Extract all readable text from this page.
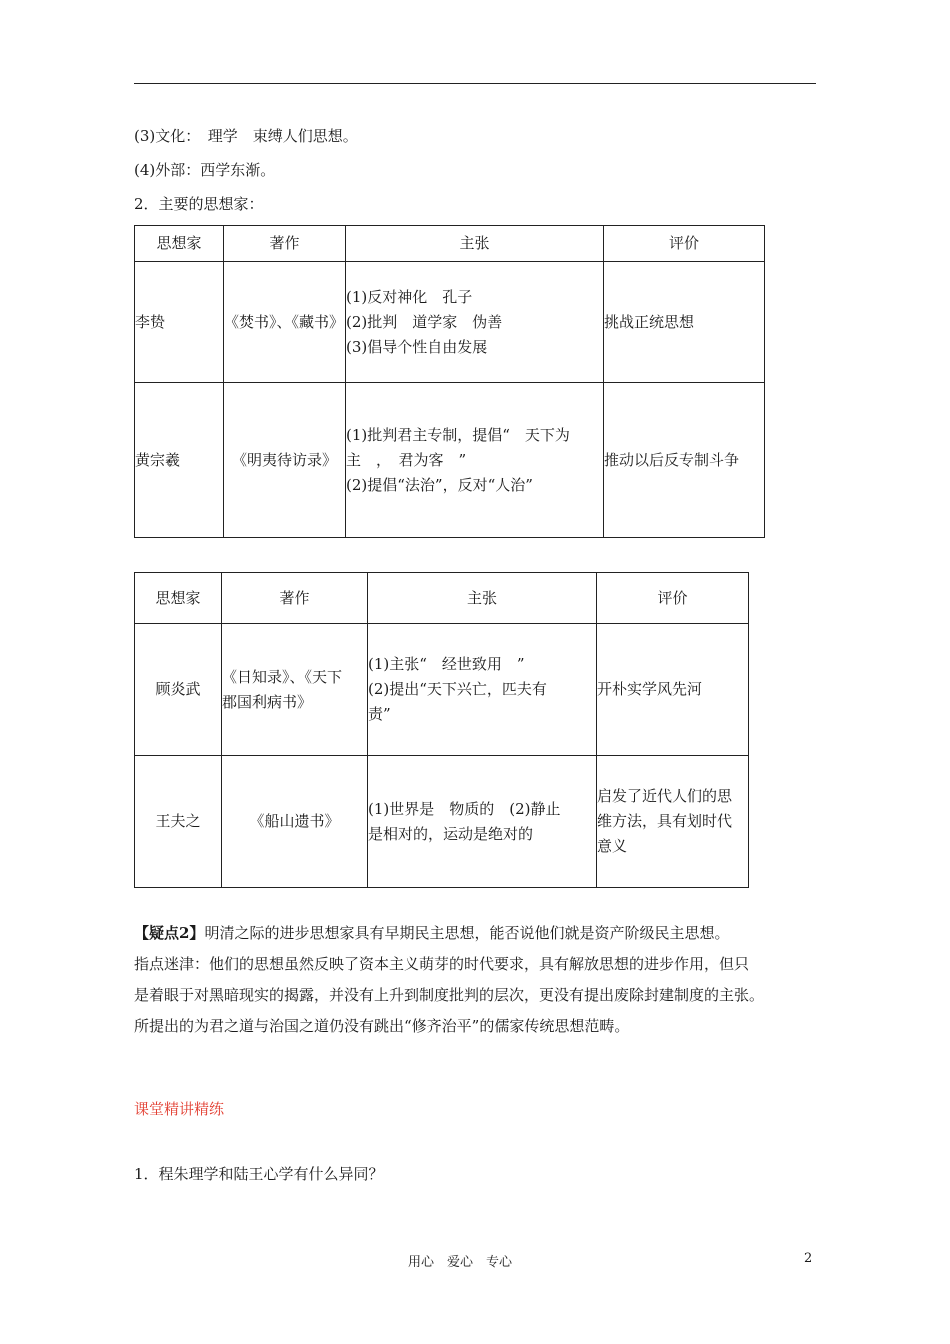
(3)文化：　理学　束缚人们思想。
(4)外部：西学东渐。
2．主要的思想家：
思想家	著作	主张	评价
李贽	《焚书》、《藏书》	(1)反对神化　孔子
(2)批判　道学家　伪善
(3)倡导个性自由发展	挑战正统思想
黄宗羲	《明夷待访录》	(1)批判君主专制，提倡“　天下为
主　，　君为客　”
(2)提倡“法治”，反对“人治”	推动以后反专制斗争
思想家	著作	主张	评价
顾炎武	《日知录》、《天下
郡国利病书》	(1)主张“　经世致用　”
(2)提出“天下兴亡，匹夫有
责”	开朴实学风先河

王夫之	《船山遗书》	(1)世界是　物质的　(2)静止
是相对的，运动是绝对的	启发了近代人们的思
维方法，具有划时代
意义
【疑点2】明清之际的进步思想家具有早期民主思想，能否说他们就是资产阶级民主思想。
指点迷津：他们的思想虽然反映了资本主义萌芽的时代要求，具有解放思想的进步作用，但只
是着眼于对黑暗现实的揭露，并没有上升到制度批判的层次，更没有提出废除封建制度的主张。
所提出的为君之道与治国之道仍没有跳出“修齐治平”的儒家传统思想范畴。
课堂精讲精练
1．程朱理学和陆王心学有什么异同？
用心　爱心　专心	2
